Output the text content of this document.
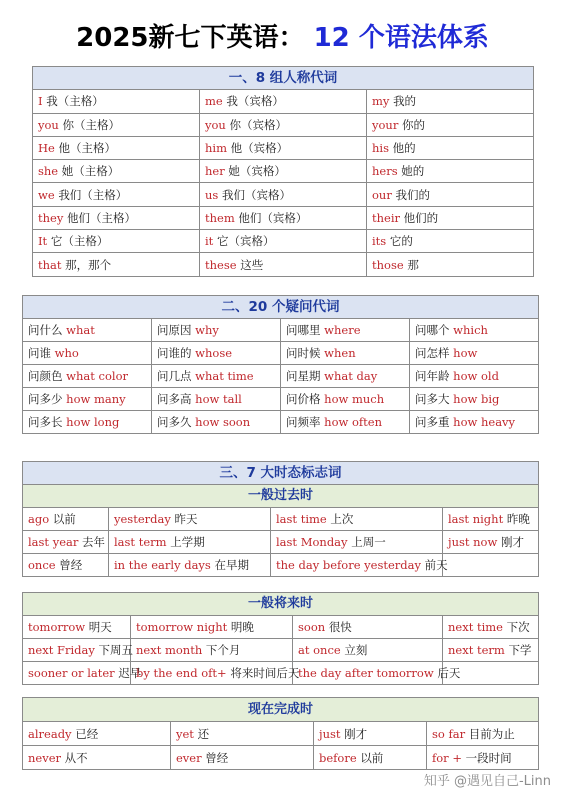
2025新七下英语： 12 个语法体系
一、8 组人称代词		
I 我（主格）	me 我（宾格）	my 我的
you 你（主格）	you 你（宾格）	your 你的
He 他（主格）	him 他（宾格）	his 他的
she 她（主格）	her 她（宾格）	hers 她的
we 我们（主格）	us 我们（宾格）	our 我们的
they 他们（主格）	them 他们（宾格）	their 他们的
It 它（主格）	it 它（宾格）	its 它的
that 那，那个	these 这些	those 那
二、20 个疑问代词			
问什么 what	问原因 why	问哪里 where	问哪个 which
问谁 who	问谁的 whose	问时候 when	问怎样 how
问颜色 what color	问几点 what time	问星期 what day	问年龄 how old
问多少 how many	问多高 how tall	问价格 how much	问多大 how big
问多长 how long	问多久 how soon	问频率 how often	问多重 how heavy
三、7 大时态标志词			
一般过去时			
ago 以前	yesterday 昨天	last time 上次	last night 昨晚
last year 去年	last term 上学期	last Monday 上周一	just now 刚才
once 曾经	in the early days 在早期	the day before yesterday 前天	
一般将来时			
tomorrow 明天	tomorrow night 明晚	soon 很快	next time 下次
next Friday 下周五	next month 下个月	at once 立刻	next term 下学
sooner or later 迟早	by the end oft+ 将来时间后天	the day after tomorrow 后天	
现在完成时			
already 已经	yet 还	just 刚才	so far 目前为止
never 从不	ever 曾经	before 以前	for + 一段时间
知乎 @遇见自己-Linn
